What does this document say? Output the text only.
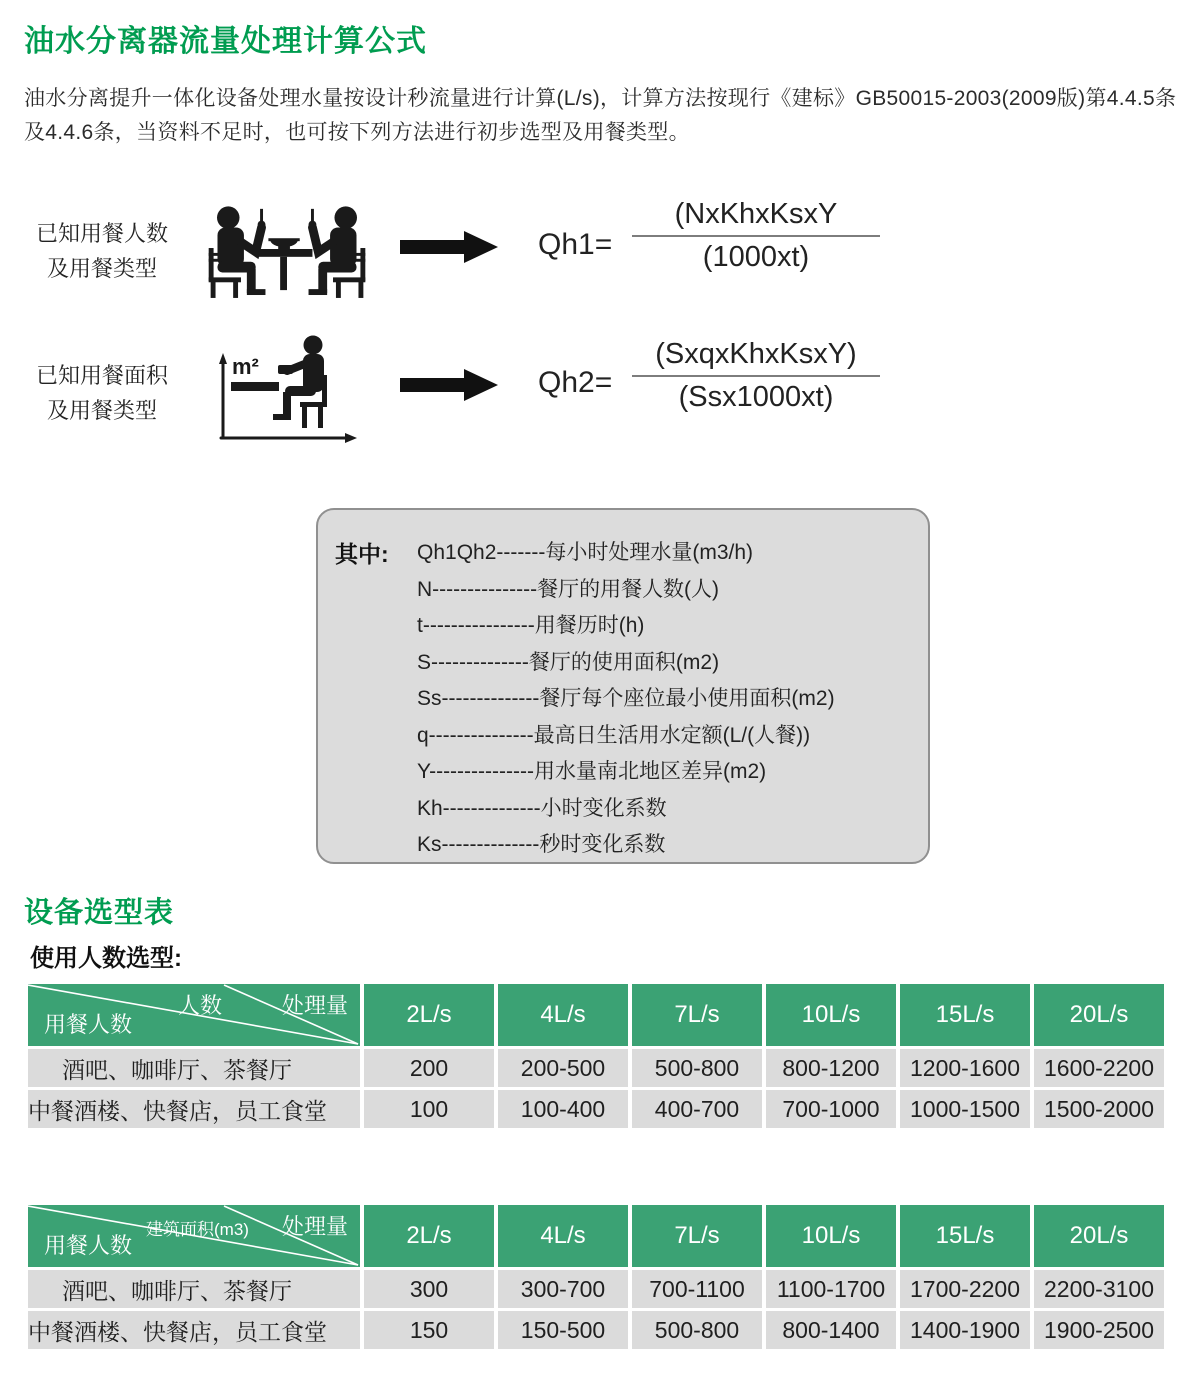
油水分离器流量处理计算公式

油水分离提升一体化设备处理水量按设计秒流量进行计算(L/s)，计算方法按现行《建标》GB50015-2003(2009版)第4.4.5条及4.4.6条，当资料不足时，也可按下列方法进行初步选型及用餐类型。

已知用餐人数
及用餐类型
Qh1=
(NxKhxKsxY
(1000xt)
已知用餐面积
及用餐类型
m²	Qh2=
(SxqxKhxKsxY)
(Ssx1000xt)
其中: Qh1Qh2-------每小时处理水量(m3/h)
N---------------餐厅的用餐人数(人)
t----------------用餐历时(h)
S--------------餐厅的使用面积(m2)
Ss--------------餐厅每个座位最小使用面积(m2)
q---------------最高日生活用水定额(L/(人餐))
Y---------------用水量南北地区差异(m2)
Kh--------------小时变化系数
Ks--------------秒时变化系数
设备选型表
使用人数选型:
人数 处理量
用餐人数	2L/s	4L/s	7L/s	10L/s	15L/s	20L/s
酒吧、咖啡厅、茶餐厅	200	200-500	500-800	800-1200	1200-1600	1600-2200
中餐酒楼、快餐店，员工食堂	100	100-400	400-700	700-1000	1000-1500	1500-2000
建筑面积(m3) 处理量
用餐人数	2L/s	4L/s	7L/s	10L/s	15L/s	20L/s
酒吧、咖啡厅、茶餐厅	300	300-700	700-1100	1100-1700	1700-2200	2200-3100
中餐酒楼、快餐店，员工食堂	150	150-500	500-800	800-1400	1400-1900	1900-2500
